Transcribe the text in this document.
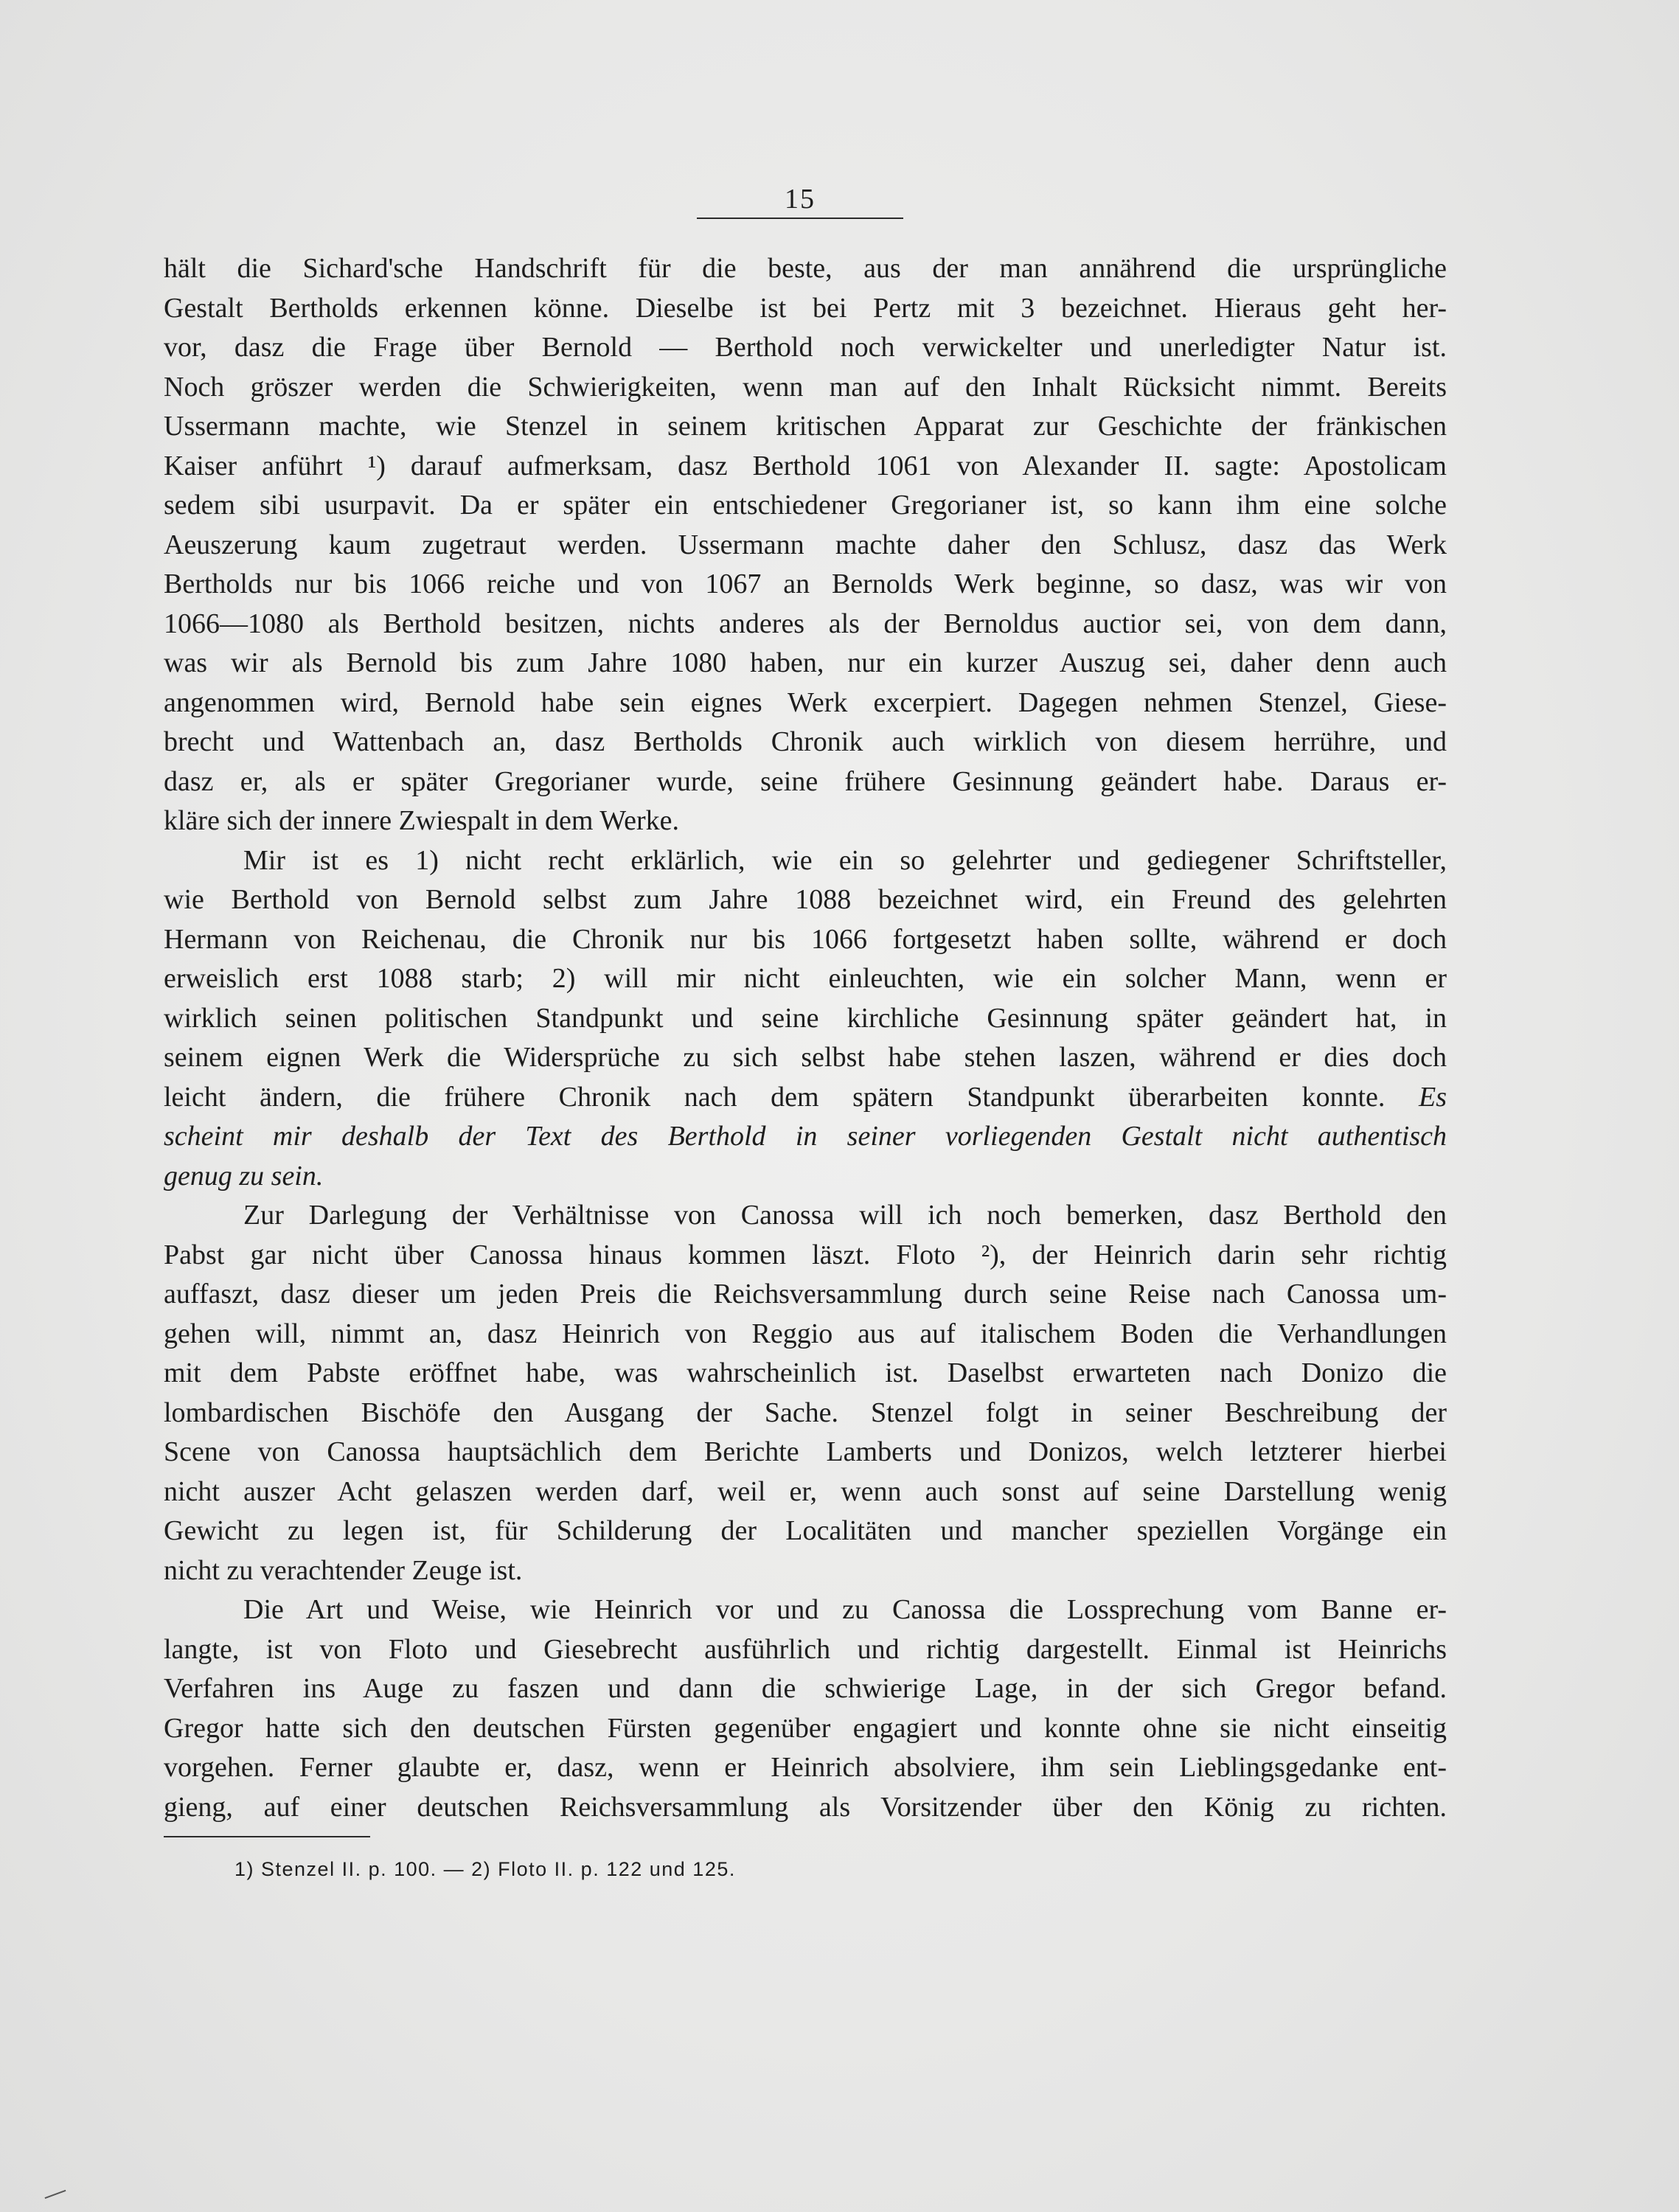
15
hält die Sichard'sche Handschrift für die beste, aus der man annährend die ursprüngliche
Gestalt Bertholds erkennen könne. Dieselbe ist bei Pertz mit 3 bezeichnet. Hieraus geht her-
vor, dasz die Frage über Bernold — Berthold noch verwickelter und unerledigter Natur ist.
Noch gröszer werden die Schwierigkeiten, wenn man auf den Inhalt Rücksicht nimmt. Bereits
Ussermann machte, wie Stenzel in seinem kritischen Apparat zur Geschichte der fränkischen
Kaiser anführt ¹) darauf aufmerksam, dasz Berthold 1061 von Alexander II. sagte: Apostolicam
sedem sibi usurpavit. Da er später ein entschiedener Gregorianer ist, so kann ihm eine solche
Aeuszerung kaum zugetraut werden. Ussermann machte daher den Schlusz, dasz das Werk
Bertholds nur bis 1066 reiche und von 1067 an Bernolds Werk beginne, so dasz, was wir von
1066—1080 als Berthold besitzen, nichts anderes als der Bernoldus auctior sei, von dem dann,
was wir als Bernold bis zum Jahre 1080 haben, nur ein kurzer Auszug sei, daher denn auch
angenommen wird, Bernold habe sein eignes Werk excerpiert. Dagegen nehmen Stenzel, Giese-
brecht und Wattenbach an, dasz Bertholds Chronik auch wirklich von diesem herrühre, und
dasz er, als er später Gregorianer wurde, seine frühere Gesinnung geändert habe. Daraus er-
kläre sich der innere Zwiespalt in dem Werke.
Mir ist es 1) nicht recht erklärlich, wie ein so gelehrter und gediegener Schriftsteller,
wie Berthold von Bernold selbst zum Jahre 1088 bezeichnet wird, ein Freund des gelehrten
Hermann von Reichenau, die Chronik nur bis 1066 fortgesetzt haben sollte, während er doch
erweislich erst 1088 starb; 2) will mir nicht einleuchten, wie ein solcher Mann, wenn er
wirklich seinen politischen Standpunkt und seine kirchliche Gesinnung später geändert hat, in
seinem eignen Werk die Widersprüche zu sich selbst habe stehen laszen, während er dies doch
leicht ändern, die frühere Chronik nach dem spätern Standpunkt überarbeiten konnte. Es
scheint mir deshalb der Text des Berthold in seiner vorliegenden Gestalt nicht authentisch
genug zu sein.
Zur Darlegung der Verhältnisse von Canossa will ich noch bemerken, dasz Berthold den
Pabst gar nicht über Canossa hinaus kommen läszt. Floto ²), der Heinrich darin sehr richtig
auffaszt, dasz dieser um jeden Preis die Reichsversammlung durch seine Reise nach Canossa um-
gehen will, nimmt an, dasz Heinrich von Reggio aus auf italischem Boden die Verhandlungen
mit dem Pabste eröffnet habe, was wahrscheinlich ist. Daselbst erwarteten nach Donizo die
lombardischen Bischöfe den Ausgang der Sache. Stenzel folgt in seiner Beschreibung der
Scene von Canossa hauptsächlich dem Berichte Lamberts und Donizos, welch letzterer hierbei
nicht auszer Acht gelaszen werden darf, weil er, wenn auch sonst auf seine Darstellung wenig
Gewicht zu legen ist, für Schilderung der Localitäten und mancher speziellen Vorgänge ein
nicht zu verachtender Zeuge ist.
Die Art und Weise, wie Heinrich vor und zu Canossa die Lossprechung vom Banne er-
langte, ist von Floto und Giesebrecht ausführlich und richtig dargestellt. Einmal ist Heinrichs
Verfahren ins Auge zu faszen und dann die schwierige Lage, in der sich Gregor befand.
Gregor hatte sich den deutschen Fürsten gegenüber engagiert und konnte ohne sie nicht einseitig
vorgehen. Ferner glaubte er, dasz, wenn er Heinrich absolviere, ihm sein Lieblingsgedanke ent-
gieng, auf einer deutschen Reichsversammlung als Vorsitzender über den König zu richten.
1) Stenzel II. p. 100. — 2) Floto II. p. 122 und 125.
